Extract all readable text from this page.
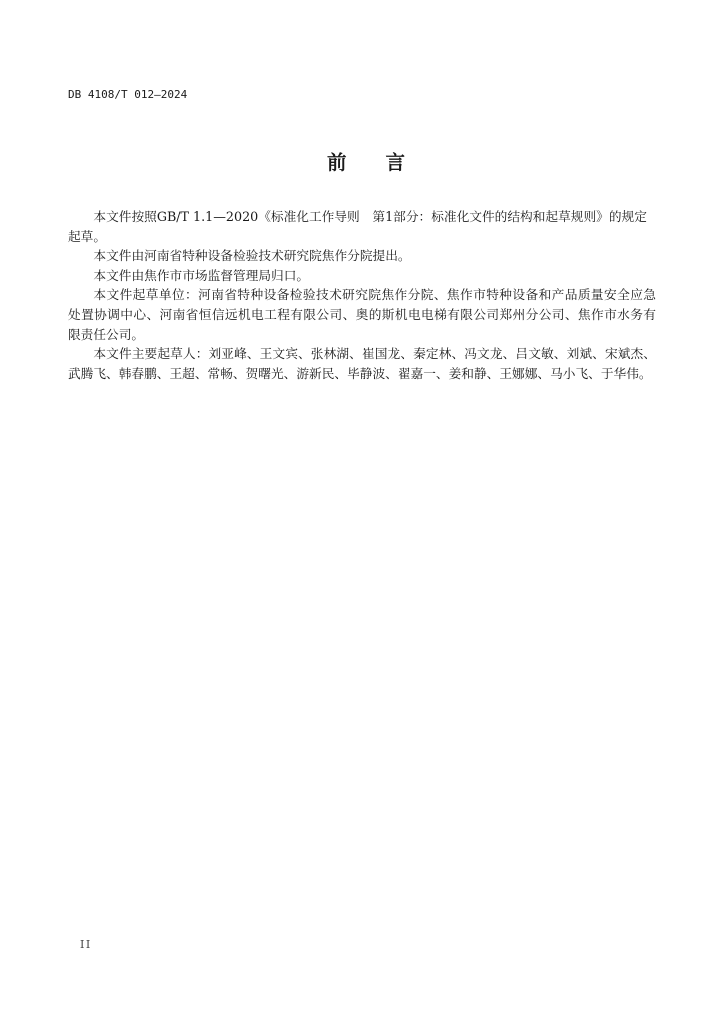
DB 4108/T 012—2024
前　　言
本文件按照GB/T 1.1—2020《标准化工作导则　第1部分：标准化文件的结构和起草规则》的规定
起草。
本文件由河南省特种设备检验技术研究院焦作分院提出。
本文件由焦作市市场监督管理局归口。
本文件起草单位：河南省特种设备检验技术研究院焦作分院、焦作市特种设备和产品质量安全应急
处置协调中心、河南省恒信远机电工程有限公司、奥的斯机电电梯有限公司郑州分公司、焦作市水务有
限责任公司。
本文件主要起草人：刘亚峰、王文宾、张林湖、崔国龙、秦定林、冯文龙、吕文敏、刘斌、宋斌杰、
武腾飞、韩春鹏、王超、常畅、贺曙光、游新民、毕静波、翟嘉一、姜和静、王娜娜、马小飞、于华伟。
II
